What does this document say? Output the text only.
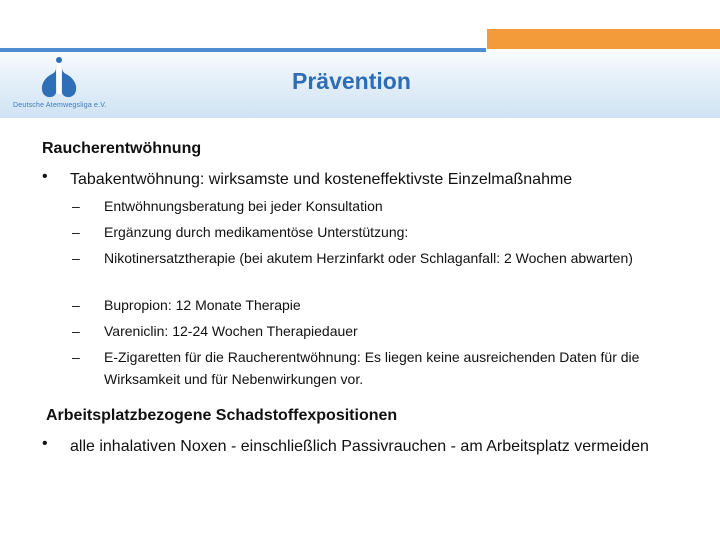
Deutsche Atemwegsliga e.V.
Prävention
Raucherentwöhnung
• Tabakentwöhnung: wirksamste und kosteneffektivste Einzelmaßnahme
– Entwöhnungsberatung bei jeder Konsultation
– Ergänzung durch medikamentöse Unterstützung:
– Nikotinersatztherapie (bei akutem Herzinfarkt oder Schlaganfall: 2 Wochen abwarten)
– Bupropion: 12 Monate Therapie
– Vareniclin: 12-24 Wochen Therapiedauer
– E-Zigaretten für die Raucherentwöhnung: Es liegen keine ausreichenden Daten für die Wirksamkeit und für Nebenwirkungen vor.
Arbeitsplatzbezogene Schadstoffexpositionen
• alle inhalativen Noxen - einschließlich Passivrauchen - am Arbeitsplatz vermeiden
